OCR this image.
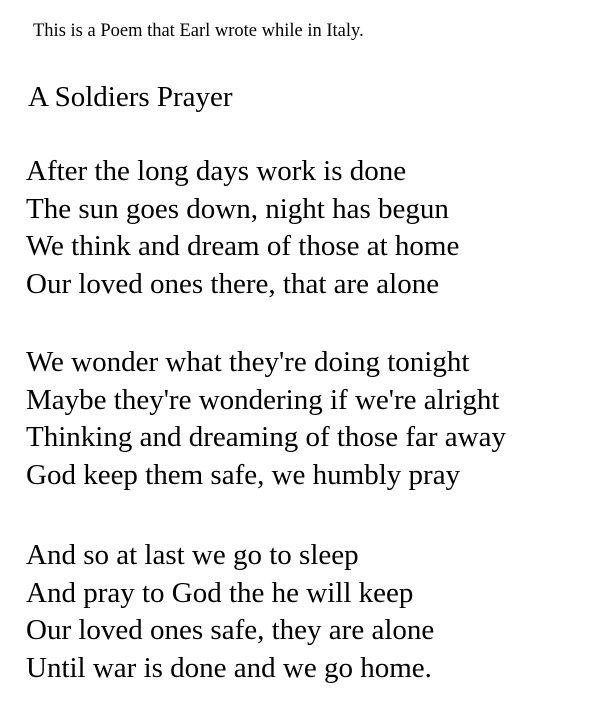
This is a Poem that Earl wrote while in Italy.
A Soldiers Prayer
After the long days work is done
The sun goes down, night has begun
We think and dream of those at home
Our loved ones there, that are alone
We wonder what they're doing tonight
Maybe they're wondering if we're alright
Thinking and dreaming of those far away
God keep them safe, we humbly pray
And so at last we go to sleep
And pray to God the he will keep
Our loved ones safe, they are alone
Until war is done and we go home.
